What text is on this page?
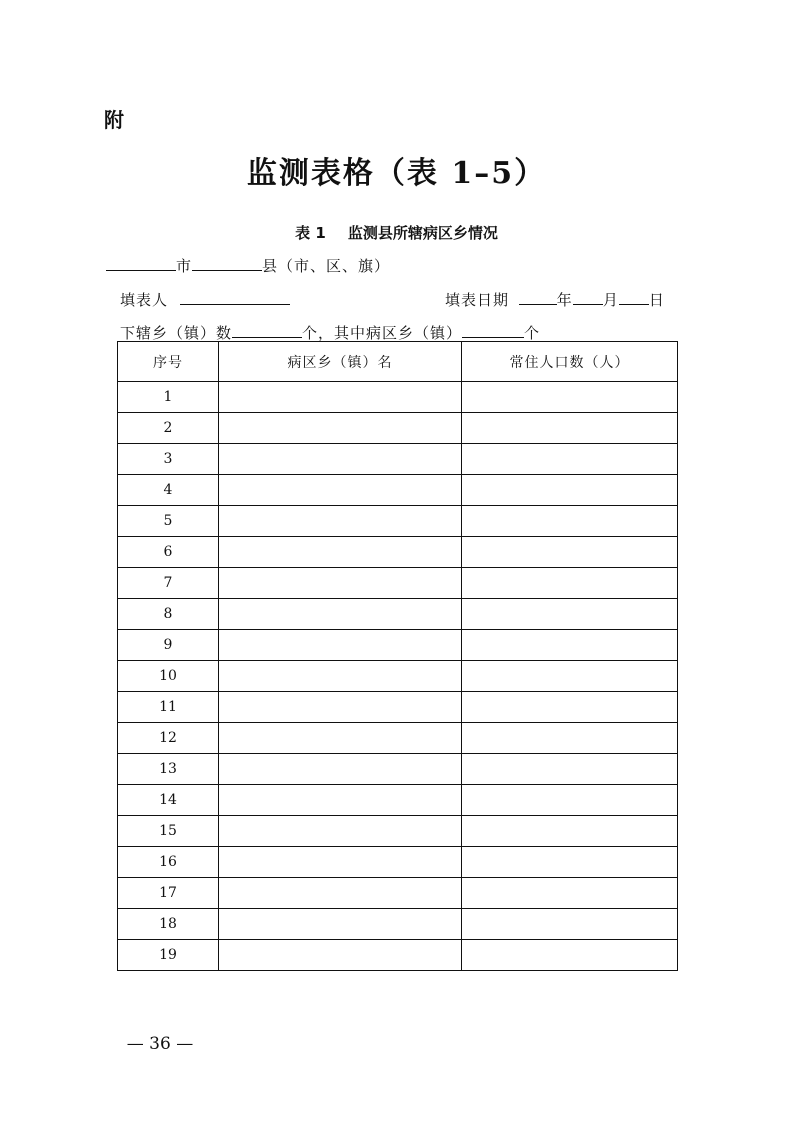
附
监测表格（表 1–5）
表 1 监测县所辖病区乡情况
市	县（市、区、旗）
填表人	填表日期	年 月 日
下辖乡（镇）数	个，其中病区乡（镇）	个
序号	病区乡（镇）名	常住人口数（人）
1		
2		
3		
4		
5		
6		
7		
8		
9		
10		
11		
12		
13		
14		
15		
16		
17		
18		
19		
— 36 —
